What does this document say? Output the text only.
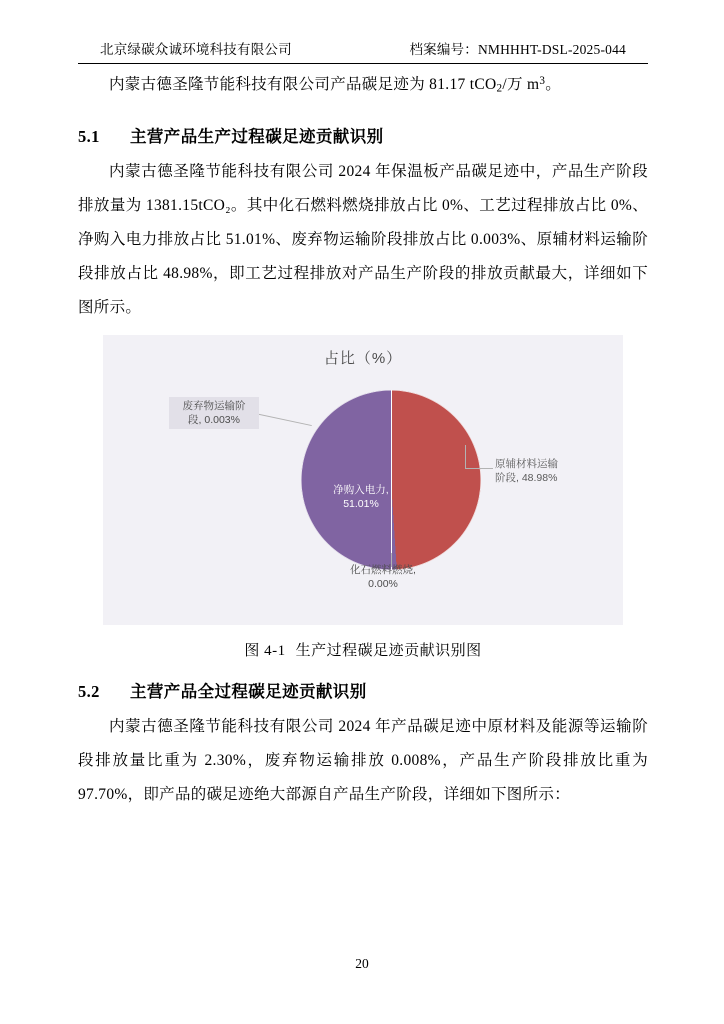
北京绿碳众诚环境科技有限公司	档案编号：NMHHHT-DSL-2025-044

内蒙古德圣隆节能科技有限公司产品碳足迹为 81.17 tCO$_2$/万 $m^3$。

5.1 主营产品生产过程碳足迹贡献识别

内蒙古德圣隆节能科技有限公司 2024 年保温板产品碳足迹中，产品生产阶段排放量为 1381.15tCO₂。其中化石燃料燃烧排放占比 0%、工艺过程排放占比 0%、净购入电力排放占比 51.01%、废弃物运输阶段排放占比 0.003%、原辅材料运输阶段排放占比 48.98%，即工艺过程排放对产品生产阶段的排放贡献最大，详细如下图所示。

占比（%）
废弃物运输阶
段, 0.003%
净购入电力,
51.01%
化石燃料燃烧,
0.00%
原辅材料运输
阶段, 48.98%

图 4-1 生产过程碳足迹贡献识别图

5.2 主营产品全过程碳足迹贡献识别

内蒙古德圣隆节能科技有限公司 2024 年产品碳足迹中原材料及能源等运输阶段排放量比重为 2.30%，废弃物运输排放 0.008%，产品生产阶段排放比重为 97.70%，即产品的碳足迹绝大部源自产品生产阶段，详细如下图所示：

20
